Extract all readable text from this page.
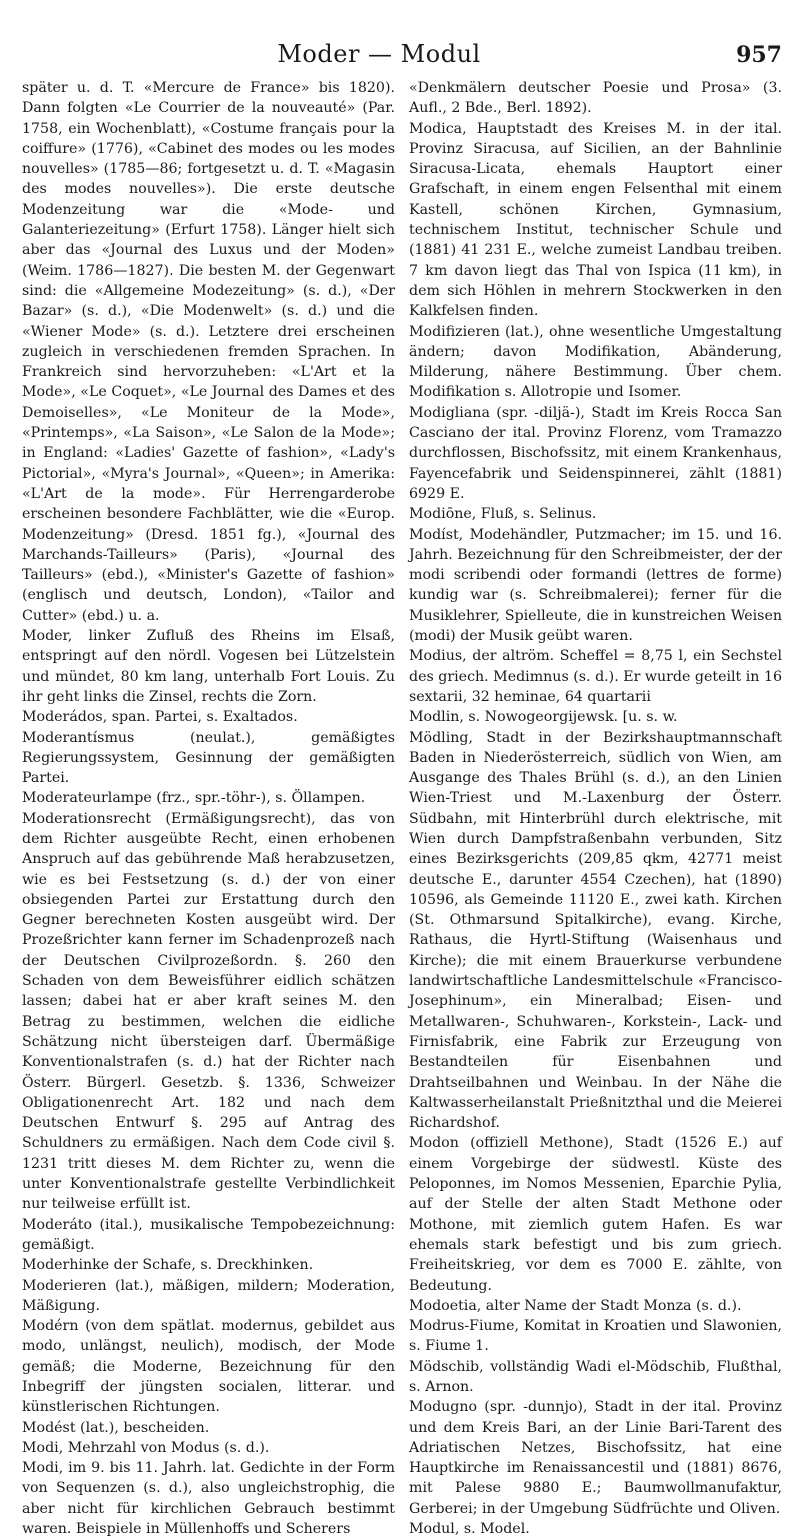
Moder — Modul	957

später u. d. T. «Mercure de France» bis 1820). Dann folgten «Le Courrier de la nouveauté» (Par. 1758, ein Wochenblatt), «Costume français pour la coiffure» (1776), «Cabinet des modes ou les modes nouvelles» (1785—86; fortgesetzt u. d. T. «Magasin des modes nouvelles»). Die erste deutsche Modenzeitung war die «Mode- und Galanteriezeitung» (Erfurt 1758). Länger hielt sich aber das «Journal des Luxus und der Moden» (Weim. 1786—1827). Die besten M. der Gegenwart sind: die «Allgemeine Modezeitung» (s. d.), «Der Bazar» (s. d.), «Die Modenwelt» (s. d.) und die «Wiener Mode» (s. d.). Letztere drei erscheinen zugleich in verschiedenen fremden Sprachen. In Frankreich sind hervorzuheben: «L'Art et la Mode», «Le Coquet», «Le Journal des Dames et des Demoiselles», «Le Moniteur de la Mode», «Printemps», «La Saison», «Le Salon de la Mode»; in England: «Ladies' Gazette of fashion», «Lady's Pictorial», «Myra's Journal», «Queen»; in Amerika: «L'Art de la mode». Für Herrengarderobe erscheinen besondere Fachblätter, wie die «Europ. Modenzeitung» (Dresd. 1851 fg.), «Journal des Marchands-Tailleurs» (Paris), «Journal des Tailleurs» (ebd.), «Minister's Gazette of fashion» (englisch und deutsch, London), «Tailor and Cutter» (ebd.) u. a.

Moder, linker Zufluß des Rheins im Elsaß, entspringt auf den nördl. Vogesen bei Lützelstein und mündet, 80 km lang, unterhalb Fort Louis. Zu ihr geht links die Zinsel, rechts die Zorn.

Moderádos, span. Partei, s. Exaltados.

Moderantísmus (neulat.), gemäßigtes Regierungssystem, Gesinnung der gemäßigten Partei.

Moderateurlampe (frz., spr.-töhr-), s. Öllampen.

Moderationsrecht (Ermäßigungsrecht), das von dem Richter ausgeübte Recht, einen erhobenen Anspruch auf das gebührende Maß herabzusetzen, wie es bei Festsetzung (s. d.) der von einer obsiegenden Partei zur Erstattung durch den Gegner berechneten Kosten ausgeübt wird. Der Prozeßrichter kann ferner im Schadenprozeß nach der Deutschen Civilprozeßordn. §. 260 den Schaden von dem Beweisführer eidlich schätzen lassen; dabei hat er aber kraft seines M. den Betrag zu bestimmen, welchen die eidliche Schätzung nicht übersteigen darf. Übermäßige Konventionalstrafen (s. d.) hat der Richter nach Österr. Bürgerl. Gesetzb. §. 1336, Schweizer Obligationenrecht Art. 182 und nach dem Deutschen Entwurf §. 295 auf Antrag des Schuldners zu ermäßigen. Nach dem Code civil §. 1231 tritt dieses M. dem Richter zu, wenn die unter Konventionalstrafe gestellte Verbindlichkeit nur teilweise erfüllt ist.

Moderáto (ital.), musikalische Tempobezeichnung: gemäßigt.

Moderhinke der Schafe, s. Dreckhinken.

Moderieren (lat.), mäßigen, mildern; Moderation, Mäßigung.

Modérn (von dem spätlat. modernus, gebildet aus modo, unlängst, neulich), modisch, der Mode gemäß; die Moderne, Bezeichnung für den Inbegriff der jüngsten socialen, litterar. und künstlerischen Richtungen.

Modést (lat.), bescheiden.

Modi, Mehrzahl von Modus (s. d.).

Modi, im 9. bis 11. Jahrh. lat. Gedichte in der Form von Sequenzen (s. d.), also ungleichstrophig, die aber nicht für kirchlichen Gebrauch bestimmt waren. Beispiele in Müllenhoffs und Scherers

«Denkmälern deutscher Poesie und Prosa» (3. Aufl., 2 Bde., Berl. 1892).

Modica, Hauptstadt des Kreises M. in der ital. Provinz Siracusa, auf Sicilien, an der Bahnlinie Siracusa-Licata, ehemals Hauptort einer Grafschaft, in einem engen Felsenthal mit einem Kastell, schönen Kirchen, Gymnasium, technischem Institut, technischer Schule und (1881) 41 231 E., welche zumeist Landbau treiben. 7 km davon liegt das Thal von Ispica (11 km), in dem sich Höhlen in mehrern Stockwerken in den Kalkfelsen finden.

Modifizieren (lat.), ohne wesentliche Umgestaltung ändern; davon Modifikation, Abänderung, Milderung, nähere Bestimmung. Über chem. Modifikation s. Allotropie und Isomer.

Modigliana (spr. -diljä-), Stadt im Kreis Rocca San Casciano der ital. Provinz Florenz, vom Tramazzo durchflossen, Bischofssitz, mit einem Krankenhaus, Fayencefabrik und Seidenspinnerei, zählt (1881) 6929 E.

Modiōne, Fluß, s. Selinus.

Modíst, Modehändler, Putzmacher; im 15. und 16. Jahrh. Bezeichnung für den Schreibmeister, der der modi scribendi oder formandi (lettres de forme) kundig war (s. Schreibmalerei); ferner für die Musiklehrer, Spielleute, die in kunstreichen Weisen (modi) der Musik geübt waren.

Modius, der altröm. Scheffel = 8,75 l, ein Sechstel des griech. Medimnus (s. d.). Er wurde geteilt in 16 sextarii, 32 heminae, 64 quartarii

Modlin, s. Nowogeorgijewsk. [u. s. w.

Mödling, Stadt in der Bezirkshauptmannschaft Baden in Niederösterreich, südlich von Wien, am Ausgange des Thales Brühl (s. d.), an den Linien Wien-Triest und M.-Laxenburg der Österr. Südbahn, mit Hinterbrühl durch elektrische, mit Wien durch Dampfstraßenbahn verbunden, Sitz eines Bezirksgerichts (209,85 qkm, 42771 meist deutsche E., darunter 4554 Czechen), hat (1890) 10596, als Gemeinde 11120 E., zwei kath. Kirchen (St. Othmarsund Spitalkirche), evang. Kirche, Rathaus, die Hyrtl-Stiftung (Waisenhaus und Kirche); die mit einem Brauerkurse verbundene landwirtschaftliche Landesmittelschule «Francisco-Josephinum», ein Mineralbad; Eisen- und Metallwaren-, Schuhwaren-, Korkstein-, Lack- und Firnisfabrik, eine Fabrik zur Erzeugung von Bestandteilen für Eisenbahnen und Drahtseilbahnen und Weinbau. In der Nähe die Kaltwasserheilanstalt Prießnitzthal und die Meierei Richardshof.

Modon (offiziell Methone), Stadt (1526 E.) auf einem Vorgebirge der südwestl. Küste des Peloponnes, im Nomos Messenien, Eparchie Pylia, auf der Stelle der alten Stadt Methone oder Mothone, mit ziemlich gutem Hafen. Es war ehemals stark befestigt und bis zum griech. Freiheitskrieg, vor dem es 7000 E. zählte, von Bedeutung.

Modoetia, alter Name der Stadt Monza (s. d.).

Modrus-Fiume, Komitat in Kroatien und Slawonien, s. Fiume 1.

Mödschib, vollständig Wadi el-Mödschib, Flußthal, s. Arnon.

Modugno (spr. -dunnjo), Stadt in der ital. Provinz und dem Kreis Bari, an der Linie Bari-Tarent des Adriatischen Netzes, Bischofssitz, hat eine Hauptkirche im Renaissancestil und (1881) 8676, mit Palese 9880 E.; Baumwollmanufaktur, Gerberei; in der Umgebung Südfrüchte und Oliven.

Modul, s. Model.
